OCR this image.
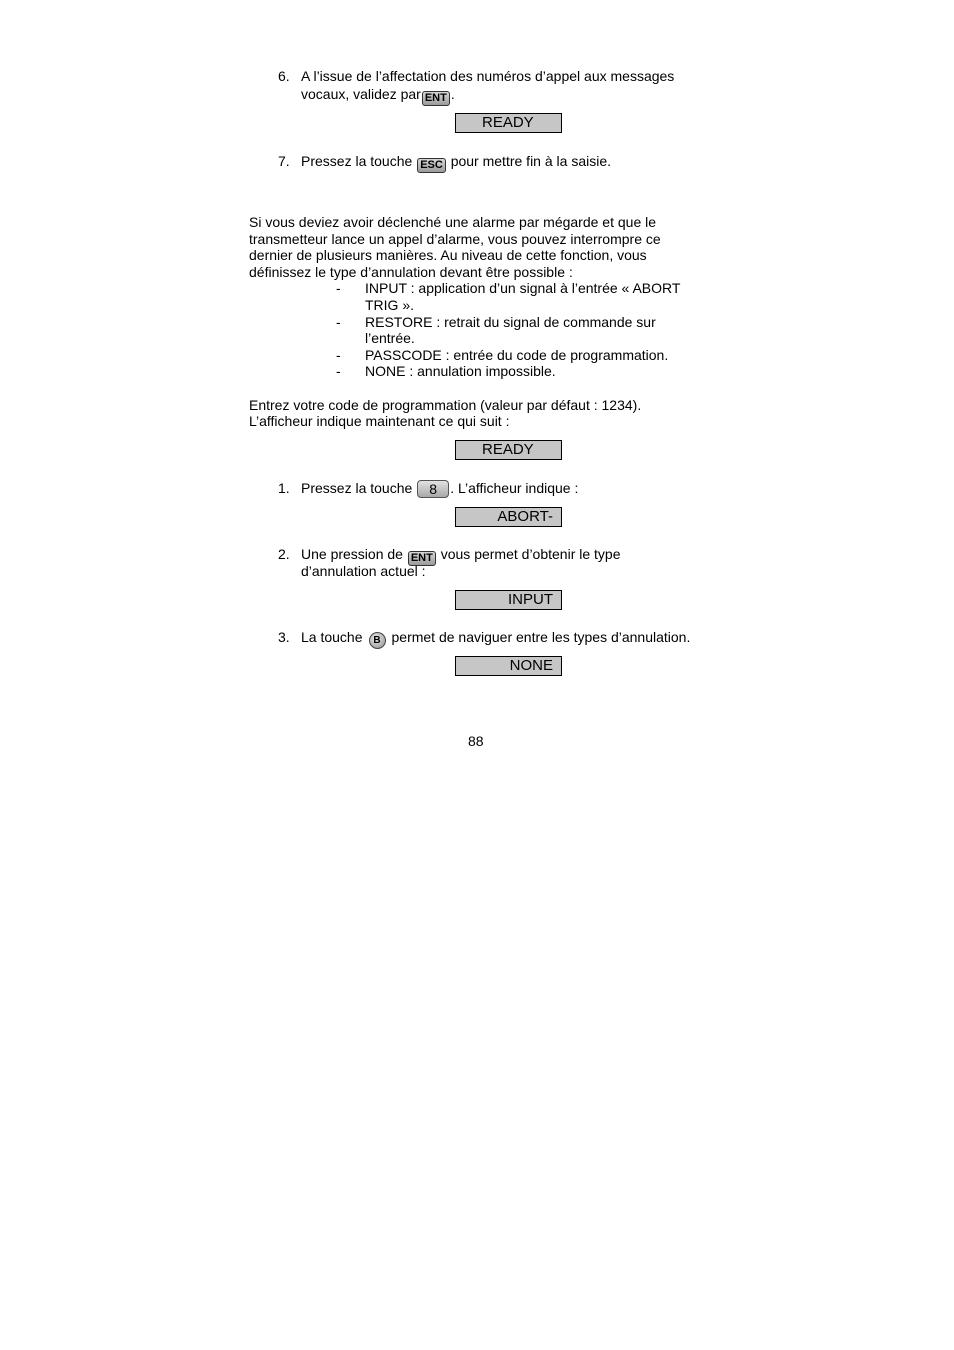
6. A l’issue de l’affectation des numéros d’appel aux messages
vocaux, validez par ENT .
READY
7. Pressez la touche ESC pour mettre fin à la saisie.
Si vous deviez avoir déclenché une alarme par mégarde et que le
transmetteur lance un appel d’alarme, vous pouvez interrompre ce
dernier de plusieurs manières. Au niveau de cette fonction, vous
définissez le type d’annulation devant être possible :
- INPUT : application d’un signal à l’entrée « ABORT
TRIG ».
- RESTORE : retrait du signal de commande sur
l’entrée.
- PASSCODE : entrée du code de programmation.
- NONE : annulation impossible.
Entrez votre code de programmation (valeur par défaut : 1234).
L’afficheur indique maintenant ce qui suit :
READY
1. Pressez la touche 8 . L’afficheur indique :
ABORT-
2. Une pression de ENT vous permet d’obtenir le type
d’annulation actuel :
INPUT
3. La touche B permet de naviguer entre les types d’annulation.
NONE
88
